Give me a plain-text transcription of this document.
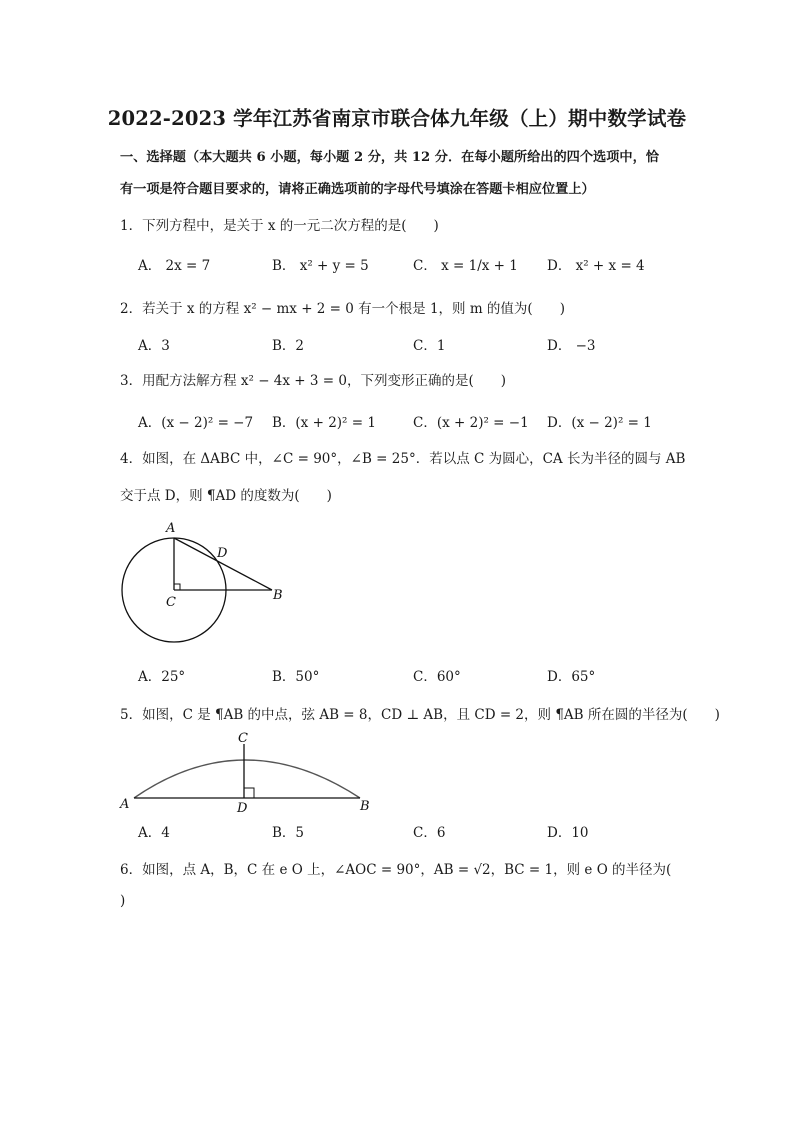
2022-2023 学年江苏省南京市联合体九年级（上）期中数学试卷
一、选择题（本大题共 6 小题，每小题 2 分，共 12 分．在每小题所给出的四个选项中，恰
有一项是符合题目要求的，请将正确选项前的字母代号填涂在答题卡相应位置上）
1．下列方程中，是关于 x 的一元二次方程的是(　　)
A． 2x = 7	B． x² + y = 5	C． x = 1/x + 1 D． x² + x = 4
2．若关于 x 的方程 x² − mx + 2 = 0 有一个根是 1，则 m 的值为(　　)
A．3	B．2	C．1	D． −3
3．用配方法解方程 x² − 4x + 3 = 0，下列变形正确的是(　　)
A．(x − 2)² = −7 B．(x + 2)² = 1	C．(x + 2)² = −1 D．(x − 2)² = 1
4．如图，在 ΔABC 中，∠C = 90°，∠B = 25°．若以点 C 为圆心，CA 长为半径的圆与 AB
交于点 D，则 ¶AD 的度数为(　　)
A
D
C	B
A．25°	B．50°	C．60°	D．65°
5．如图，C 是 ¶AB 的中点，弦 AB = 8，CD ⊥ AB，且 CD = 2，则 ¶AB 所在圆的半径为(　　)
C
A	D	B
A．4	B．5	C．6	D．10
6．如图，点 A，B，C 在 e O 上，∠AOC = 90°，AB = √2，BC = 1，则 e O 的半径为(
)
